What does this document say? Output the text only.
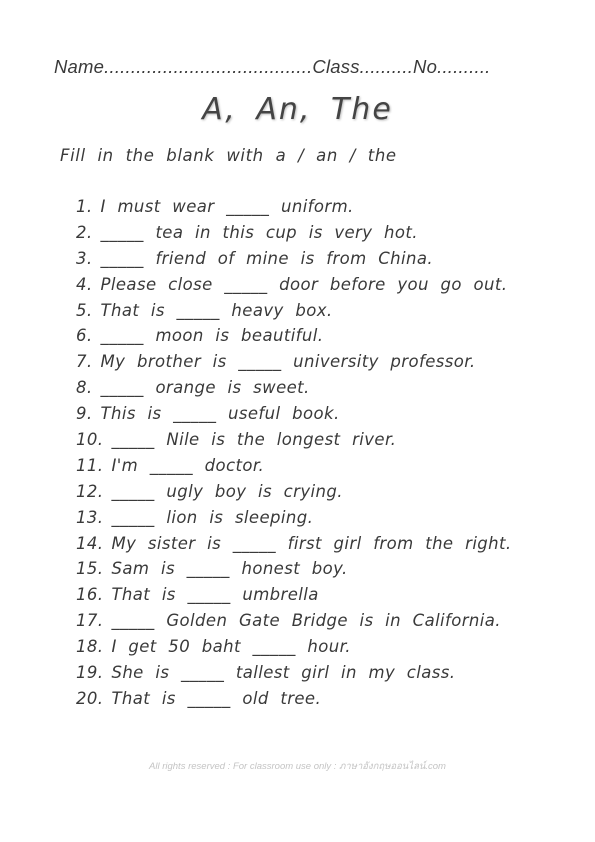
Name.......................................Class..........No..........
A, An, The
Fill in the blank with a / an / the
1. I must wear _____ uniform.
2. _____ tea in this cup is very hot.
3. _____ friend of mine is from China.
4. Please close _____ door before you go out.
5. That is _____ heavy box.
6. _____ moon is beautiful.
7. My brother is _____ university professor.
8. _____ orange is sweet.
9. This is _____ useful book.
10. _____ Nile is the longest river.
11. I'm _____ doctor.
12. _____ ugly boy is crying.
13. _____ lion is sleeping.
14. My sister is _____ first girl from the right.
15. Sam is _____ honest boy.
16. That is _____ umbrella
17. _____ Golden Gate Bridge is in California.
18. I get 50 baht _____ hour.
19. She is _____ tallest girl in my class.
20. That is _____ old tree.
All rights reserved : For classroom use only : ภาษาอังกฤษออนไลน์.com
